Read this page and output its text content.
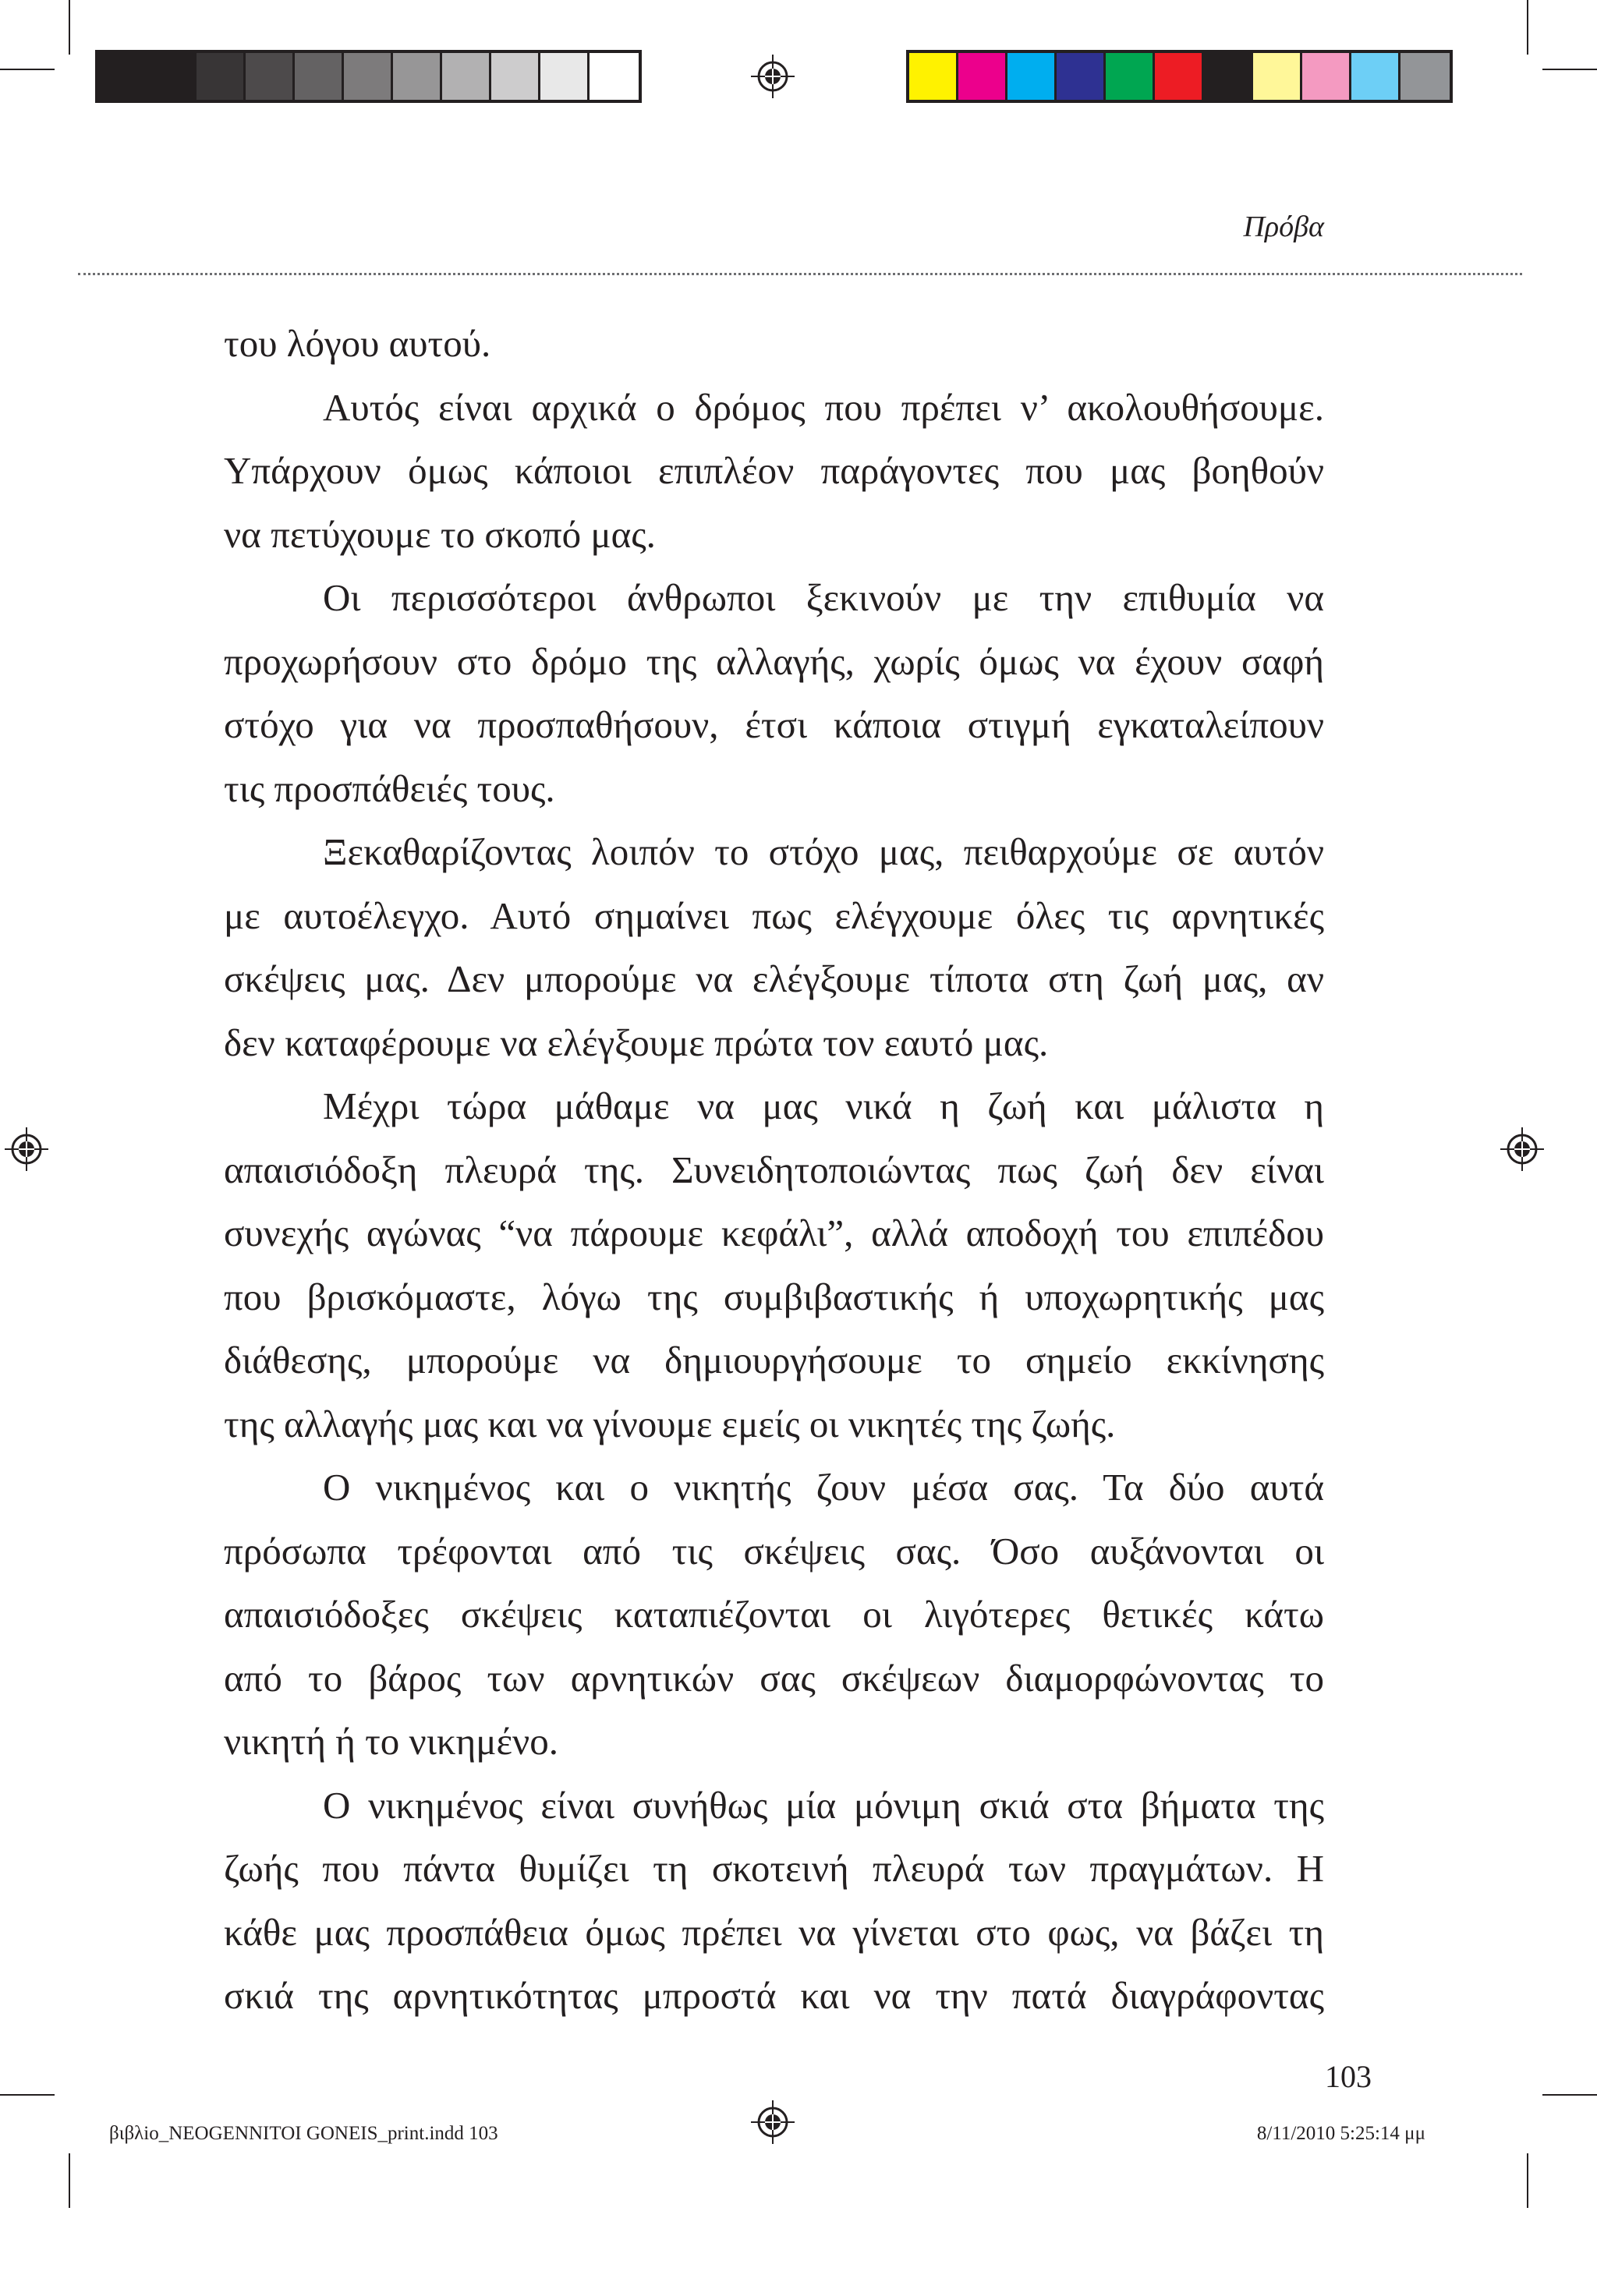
Πρόβα
του λόγου αυτού.
Αυτός είναι αρχικά ο δρόμος που πρέπει ν’ ακολουθήσουμε.
Υπάρχουν όμως κάποιοι επιπλέον παράγοντες που μας βοηθούν
να πετύχουμε το σκοπό μας.
Οι περισσότεροι άνθρωποι ξεκινούν με την επιθυμία να
προχωρήσουν στο δρόμο της αλλαγής, χωρίς όμως να έχουν σαφή
στόχο για να προσπαθήσουν, έτσι κάποια στιγμή εγκαταλείπουν
τις προσπάθειές τους.
Ξεκαθαρίζοντας λοιπόν το στόχο μας, πειθαρχούμε σε αυτόν
με αυτοέλεγχο. Αυτό σημαίνει πως ελέγχουμε όλες τις αρνητικές
σκέψεις μας. Δεν μπορούμε να ελέγξουμε τίποτα στη ζωή μας, αν
δεν καταφέρουμε να ελέγξουμε πρώτα τον εαυτό μας.
Μέχρι τώρα μάθαμε να μας νικά η ζωή και μάλιστα η
απαισιόδοξη πλευρά της. Συνειδητοποιώντας πως ζωή δεν είναι
συνεχής αγώνας “να πάρουμε κεφάλι”, αλλά αποδοχή του επιπέδου
που βρισκόμαστε, λόγω της συμβιβαστικής ή υποχωρητικής μας
διάθεσης, μπορούμε να δημιουργήσουμε το σημείο εκκίνησης
της αλλαγής μας και να γίνουμε εμείς οι νικητές της ζωής.
Ο νικημένος και ο νικητής ζουν μέσα σας. Τα δύο αυτά
πρόσωπα τρέφονται από τις σκέψεις σας. Όσο αυξάνονται οι
απαισιόδοξες σκέψεις καταπιέζονται οι λιγότερες θετικές κάτω
από το βάρος των αρνητικών σας σκέψεων διαμορφώνοντας το
νικητή ή το νικημένο.
Ο νικημένος είναι συνήθως μία μόνιμη σκιά στα βήματα της
ζωής που πάντα θυμίζει τη σκοτεινή πλευρά των πραγμάτων. Η
κάθε μας προσπάθεια όμως πρέπει να γίνεται στο φως, να βάζει τη
σκιά της αρνητικότητας μπροστά και να την πατά διαγράφοντας
103
βιβλio_NEOGENNITOI GONEIS_print.indd 103	8/11/2010 5:25:14 μμ
